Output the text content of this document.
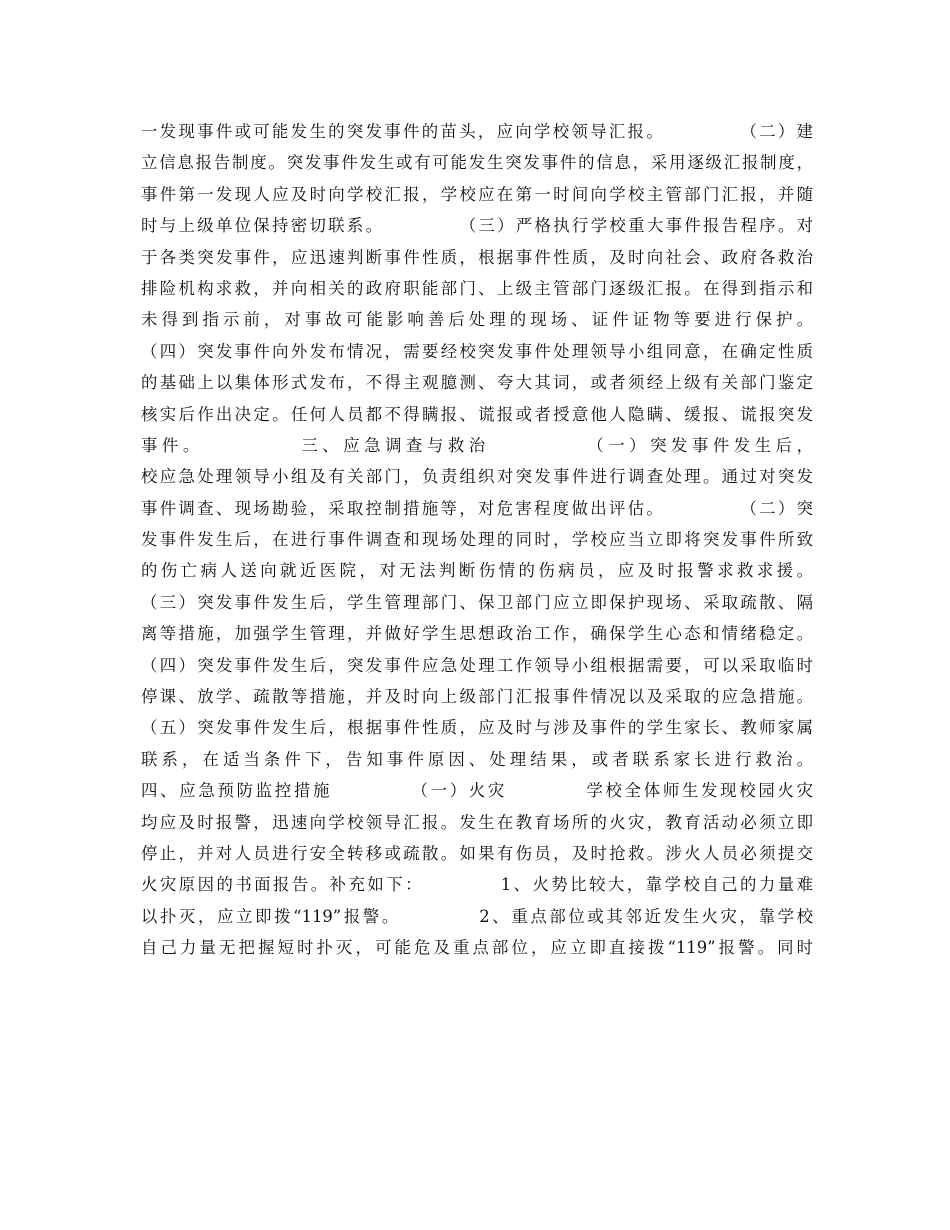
一发现事件或可能发生的突发事件的苗头，应向学校领导汇报。          （二）建
立信息报告制度。突发事件发生或有可能发生突发事件的信息，采用逐级汇报制度，
事件第一发现人应及时向学校汇报，学校应在第一时间向学校主管部门汇报，并随
时与上级单位保持密切联系。          （三）严格执行学校重大事件报告程序。对
于各类突发事件，应迅速判断事件性质，根据事件性质，及时向社会、政府各救治
排险机构求救，并向相关的政府职能部门、上级主管部门逐级汇报。在得到指示和
未得到指示前，对事故可能影响善后处理的现场、证件证物等要进行保护。
（四）突发事件向外发布情况，需要经校突发事件处理领导小组同意，在确定性质
的基础上以集体形式发布，不得主观臆测、夸大其词，或者须经上级有关部门鉴定
核实后作出决定。任何人员都不得瞒报、谎报或者授意他人隐瞒、缓报、谎报突发
事件。          三、应急调查与救治          （一）突发事件发生后，
校应急处理领导小组及有关部门，负责组织对突发事件进行调查处理。通过对突发
事件调查、现场勘验，采取控制措施等，对危害程度做出评估。          （二）突
发事件发生后，在进行事件调查和现场处理的同时，学校应当立即将突发事件所致
的伤亡病人送向就近医院，对无法判断伤情的伤病员，应及时报警求救求援。
（三）突发事件发生后，学生管理部门、保卫部门应立即保护现场、采取疏散、隔
离等措施，加强学生管理，并做好学生思想政治工作，确保学生心态和情绪稳定。
（四）突发事件发生后，突发事件应急处理工作领导小组根据需要，可以采取临时
停课、放学、疏散等措施，并及时向上级部门汇报事件情况以及采取的应急措施。
（五）突发事件发生后，根据事件性质，应及时与涉及事件的学生家长、教师家属
联系，在适当条件下，告知事件原因、处理结果，或者联系家长进行救治。
四、应急预防监控措施          （一）火灾          学校全体师生发现校园火灾
均应及时报警，迅速向学校领导汇报。发生在教育场所的火灾，教育活动必须立即
停止，并对人员进行安全转移或疏散。如果有伤员，及时抢救。涉火人员必须提交
火灾原因的书面报告。补充如下：          1、火势比较大，靠学校自己的力量难
以扑灭，应立即拨“119”报警。          2、重点部位或其邻近发生火灾，靠学校
自己力量无把握短时扑灭，可能危及重点部位，应立即直接拨“119”报警。同时
